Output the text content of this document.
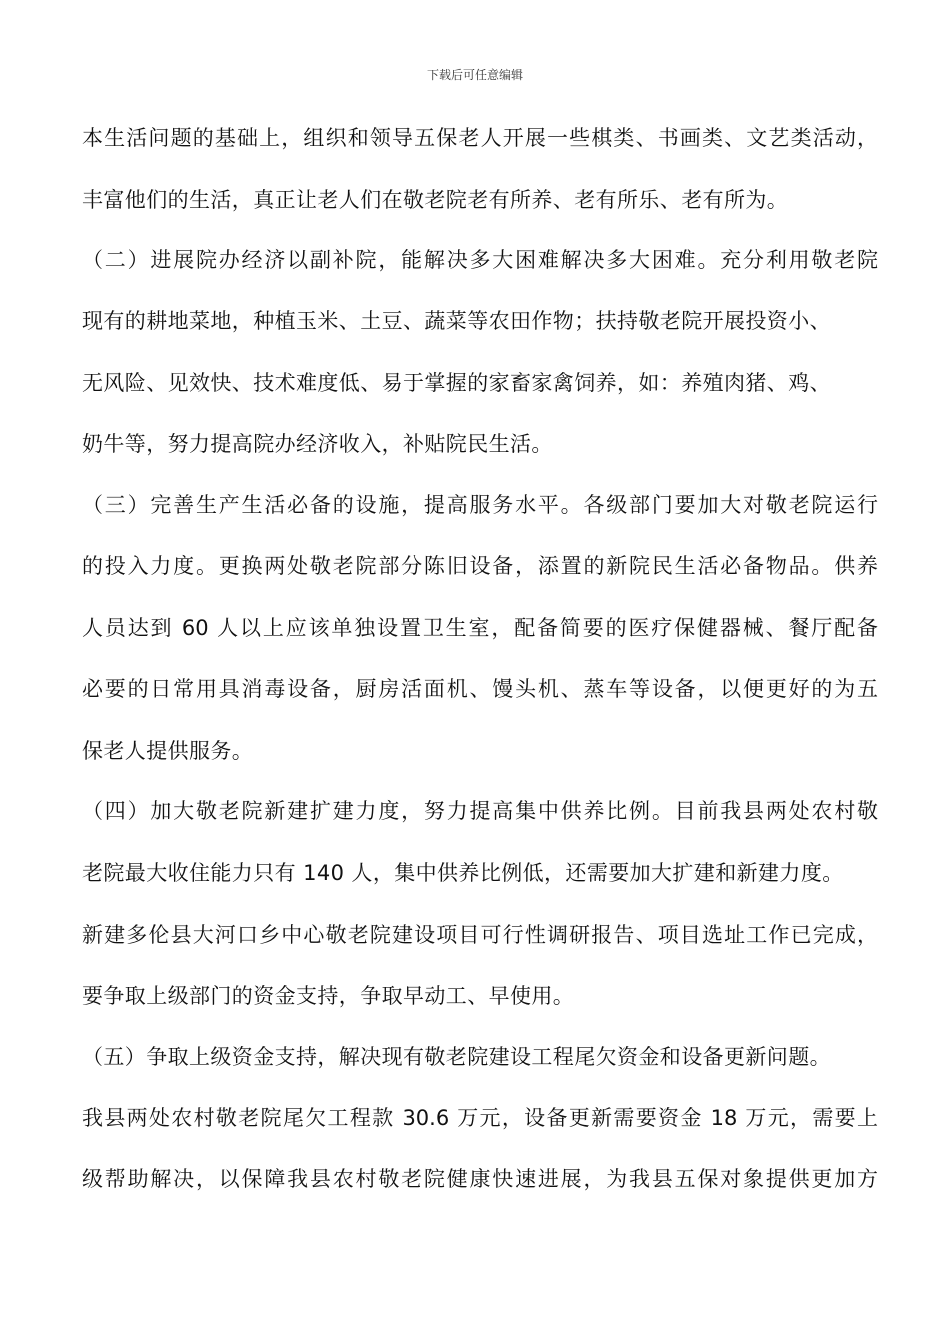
下载后可任意编辑
本生活问题的基础上，组织和领导五保老人开展一些棋类、书画类、文艺类活动，
丰富他们的生活，真正让老人们在敬老院老有所养、老有所乐、老有所为。
（二）进展院办经济以副补院，能解决多大困难解决多大困难。充分利用敬老院
现有的耕地菜地，种植玉米、土豆、蔬菜等农田作物；扶持敬老院开展投资小、
无风险、见效快、技术难度低、易于掌握的家畜家禽饲养，如：养殖肉猪、鸡、
奶牛等，努力提高院办经济收入，补贴院民生活。
（三）完善生产生活必备的设施，提高服务水平。各级部门要加大对敬老院运行
的投入力度。更换两处敬老院部分陈旧设备，添置的新院民生活必备物品。供养
人员达到 60 人以上应该单独设置卫生室，配备简要的医疗保健器械、餐厅配备
必要的日常用具消毒设备，厨房活面机、馒头机、蒸车等设备，以便更好的为五
保老人提供服务。
（四）加大敬老院新建扩建力度，努力提高集中供养比例。目前我县两处农村敬
老院最大收住能力只有 140 人，集中供养比例低，还需要加大扩建和新建力度。
新建多伦县大河口乡中心敬老院建设项目可行性调研报告、项目选址工作已完成，
要争取上级部门的资金支持，争取早动工、早使用。
（五）争取上级资金支持，解决现有敬老院建设工程尾欠资金和设备更新问题。
我县两处农村敬老院尾欠工程款 30.6 万元，设备更新需要资金 18 万元，需要上
级帮助解决，以保障我县农村敬老院健康快速进展，为我县五保对象提供更加方
